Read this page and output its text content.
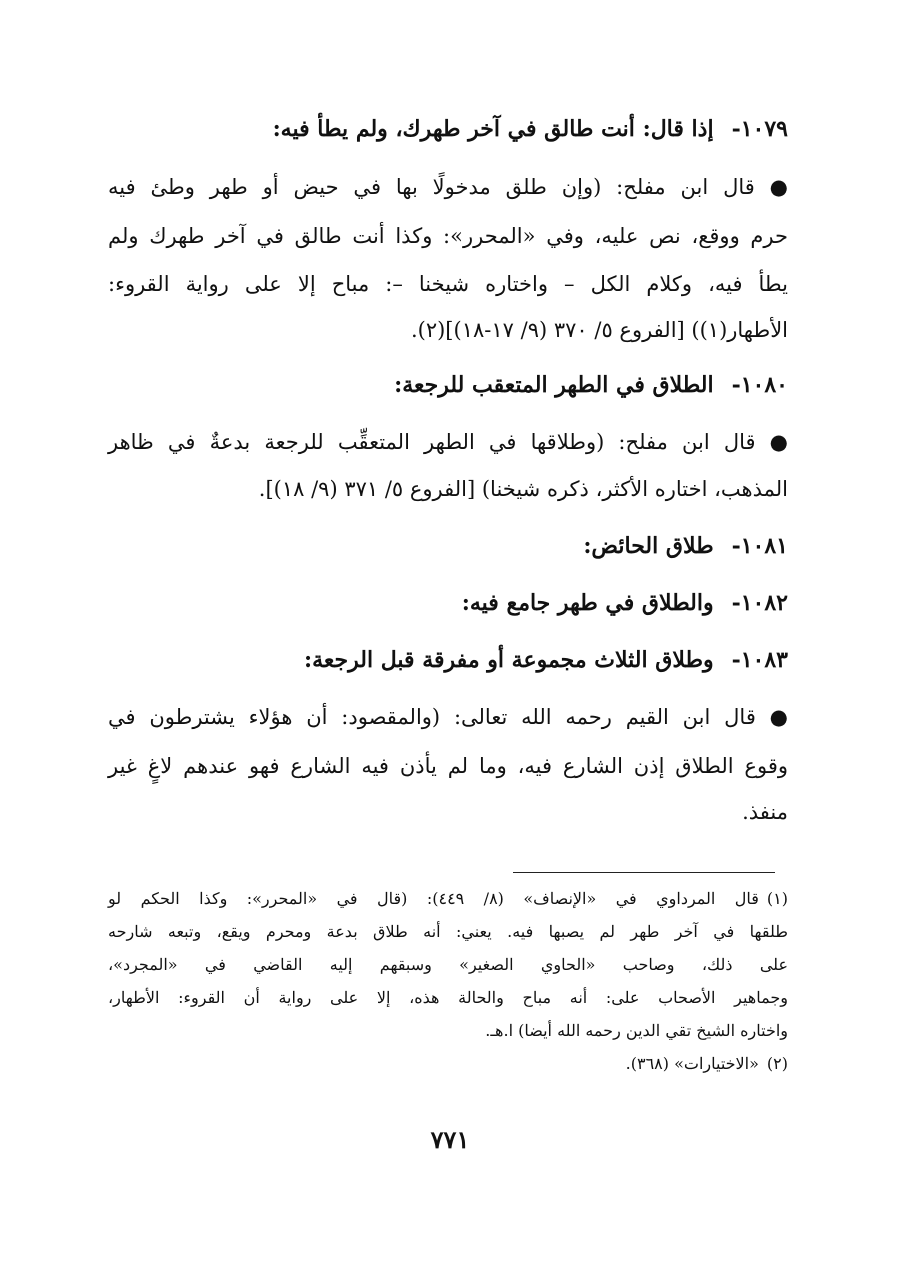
١٠٧٩-إذا قال: أنت طالق في آخر طهرك، ولم يطأ فيه:
● قال ابن مفلح: (وإن طلق مدخولًا بها في حيض أو طهر وطئ فيه
حرم ووقع، نص عليه، وفي «المحرر»: وكذا أنت طالق في آخر طهرك ولم
يطأ فيه، وكلام الكل – واختاره شيخنا –: مباح إلا على رواية القروء:
الأطهار(١)) [الفروع ٥/ ٣٧٠ (٩/ ١٧-١٨)](٢).
١٠٨٠-الطلاق في الطهر المتعقب للرجعة:
● قال ابن مفلح: (وطلاقها في الطهر المتعقِّب للرجعة بدعةٌ في ظاهر
المذهب، اختاره الأكثر، ذكره شيخنا) [الفروع ٥/ ٣٧١ (٩/ ١٨)].
١٠٨١-طلاق الحائض:
١٠٨٢-والطلاق في طهر جامع فيه:
١٠٨٣-وطلاق الثلاث مجموعة أو مفرقة قبل الرجعة:
● قال ابن القيم رحمه الله تعالى: (والمقصود: أن هؤلاء يشترطون في
وقوع الطلاق إذن الشارع فيه، وما لم يأذن فيه الشارع فهو عندهم لاغٍ غير
منفذ.
(١)قال المرداوي في «الإنصاف» (٨/ ٤٤٩): (قال في «المحرر»: وكذا الحكم لو
طلقها في آخر طهر لم يصبها فيه. يعني: أنه طلاق بدعة ومحرم ويقع، وتبعه شارحه
على ذلك، وصاحب «الحاوي الصغير» وسبقهم إليه القاضي في «المجرد»،
وجماهير الأصحاب على: أنه مباح والحالة هذه، إلا على رواية أن القروء: الأطهار،
واختاره الشيخ تقي الدين رحمه الله أيضا) ا.هـ.
(٢)«الاختيارات» (٣٦٨).
٧٧١
